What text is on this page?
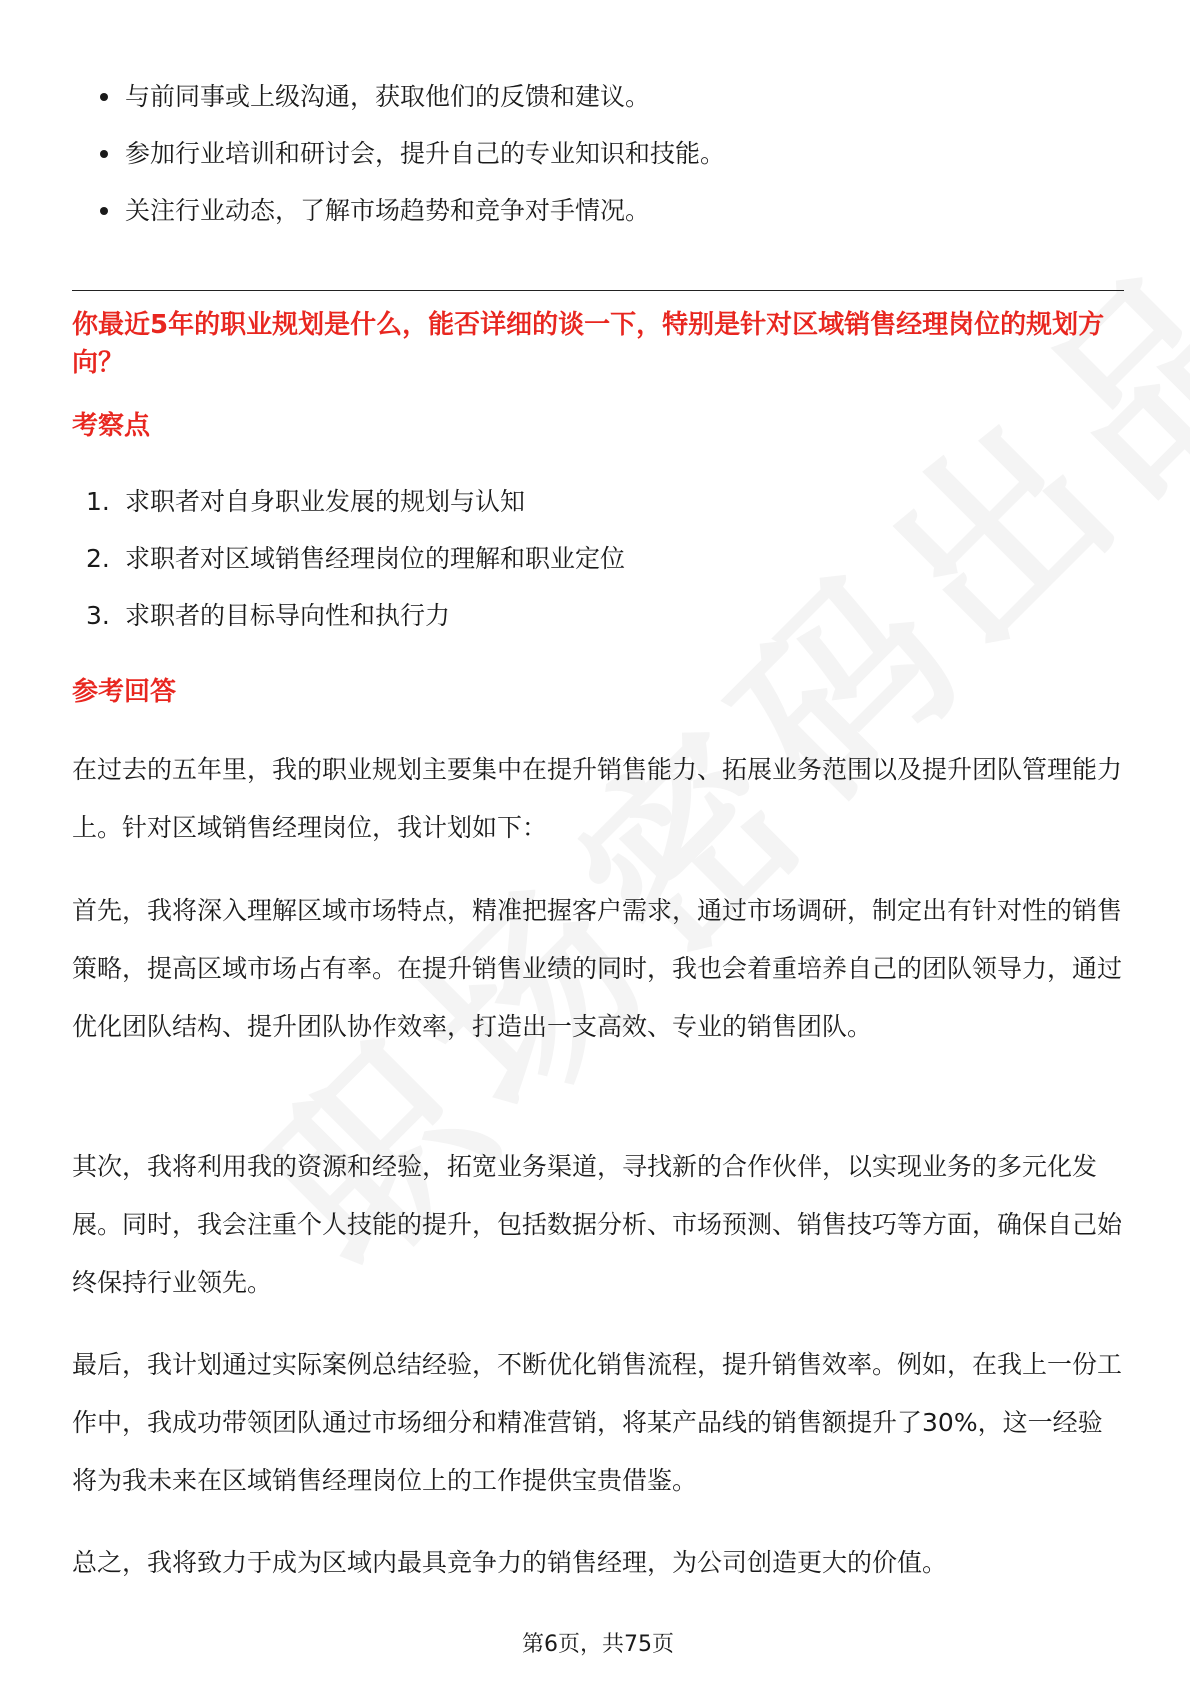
与前同事或上级沟通，获取他们的反馈和建议。
参加行业培训和研讨会，提升自己的专业知识和技能。
关注行业动态，了解市场趋势和竞争对手情况。
你最近5年的职业规划是什么，能否详细的谈一下，特别是针对区域销售经理岗位的规划方向？
考察点
1. 求职者对自身职业发展的规划与认知
2. 求职者对区域销售经理岗位的理解和职业定位
3. 求职者的目标导向性和执行力
参考回答

在过去的五年里，我的职业规划主要集中在提升销售能力、拓展业务范围以及提升团队管理能力上。针对区域销售经理岗位，我计划如下：

首先，我将深入理解区域市场特点，精准把握客户需求，通过市场调研，制定出有针对性的销售策略，提高区域市场占有率。在提升销售业绩的同时，我也会着重培养自己的团队领导力，通过优化团队结构、提升团队协作效率，打造出一支高效、专业的销售团队。

其次，我将利用我的资源和经验，拓宽业务渠道，寻找新的合作伙伴，以实现业务的多元化发展。同时，我会注重个人技能的提升，包括数据分析、市场预测、销售技巧等方面，确保自己始终保持行业领先。

最后，我计划通过实际案例总结经验，不断优化销售流程，提升销售效率。例如，在我上一份工作中，我成功带领团队通过市场细分和精准营销，将某产品线的销售额提升了30%，这一经验将为我未来在区域销售经理岗位上的工作提供宝贵借鉴。

总之，我将致力于成为区域内最具竞争力的销售经理，为公司创造更大的价值。

第6页，共75页
